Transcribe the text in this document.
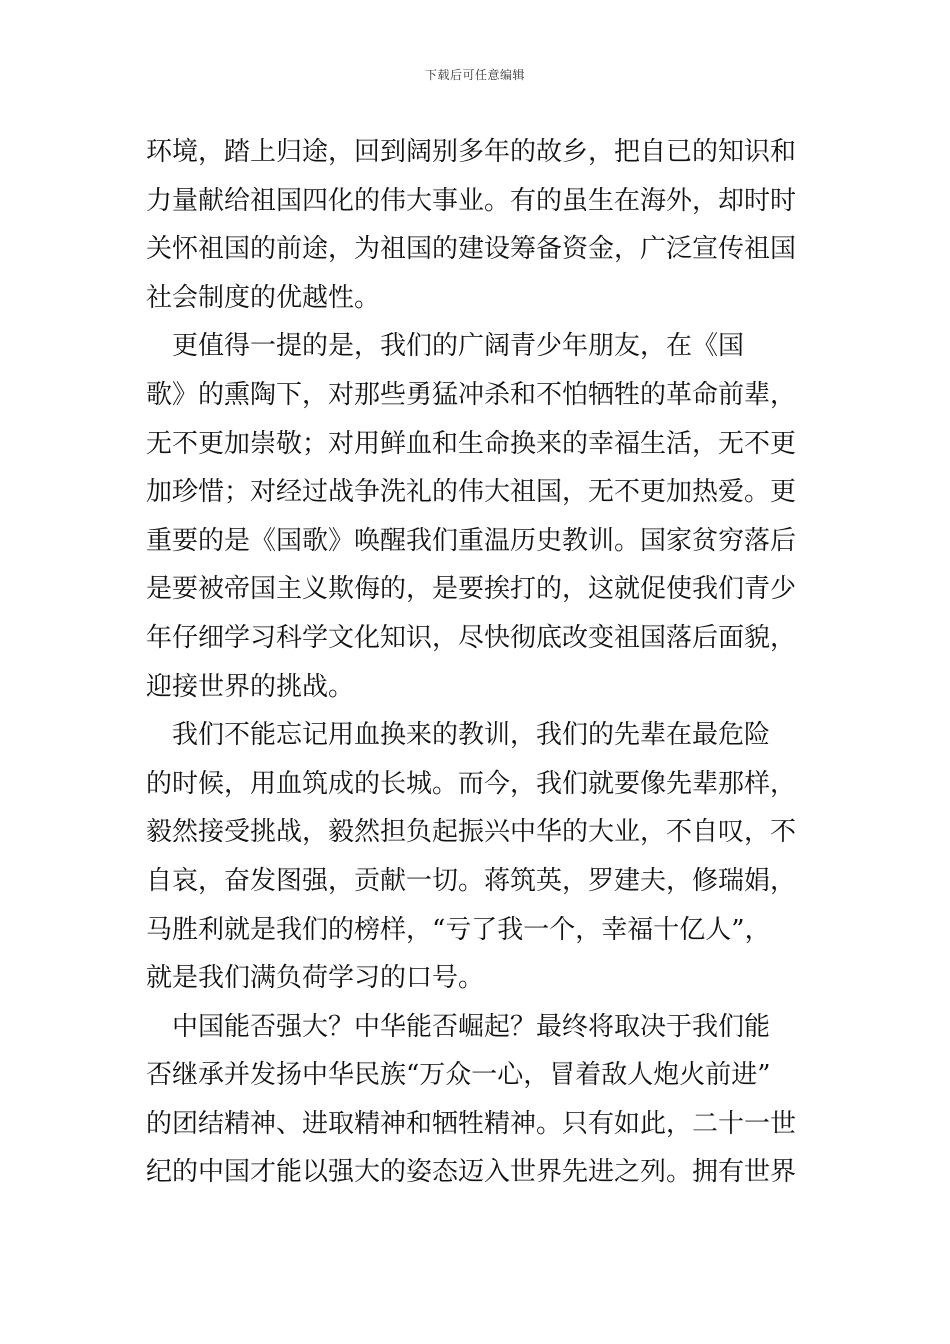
下载后可任意编辑
环境，踏上归途，回到阔别多年的故乡，把自已的知识和
力量献给祖国四化的伟大事业。有的虽生在海外，却时时
关怀祖国的前途，为祖国的建设筹备资金，广泛宣传祖国
社会制度的优越性。
　更值得一提的是，我们的广阔青少年朋友，在《国
歌》的熏陶下，对那些勇猛冲杀和不怕牺牲的革命前辈，
无不更加崇敬；对用鲜血和生命换来的幸福生活，无不更
加珍惜；对经过战争洗礼的伟大祖国，无不更加热爱。更
重要的是《国歌》唤醒我们重温历史教训。国家贫穷落后
是要被帝国主义欺侮的，是要挨打的，这就促使我们青少
年仔细学习科学文化知识，尽快彻底改变祖国落后面貌，
迎接世界的挑战。
　我们不能忘记用血换来的教训，我们的先辈在最危险
的时候，用血筑成的长城。而今，我们就要像先辈那样，
毅然接受挑战，毅然担负起振兴中华的大业，不自叹，不
自哀，奋发图强，贡献一切。蒋筑英，罗建夫，修瑞娟，
马胜利就是我们的榜样，“亏了我一个，幸福十亿人”，
就是我们满负荷学习的口号。
　中国能否强大？中华能否崛起？最终将取决于我们能
否继承并发扬中华民族“万众一心，冒着敌人炮火前进”
的团结精神、进取精神和牺牲精神。只有如此，二十一世
纪的中国才能以强大的姿态迈入世界先进之列。拥有世界
